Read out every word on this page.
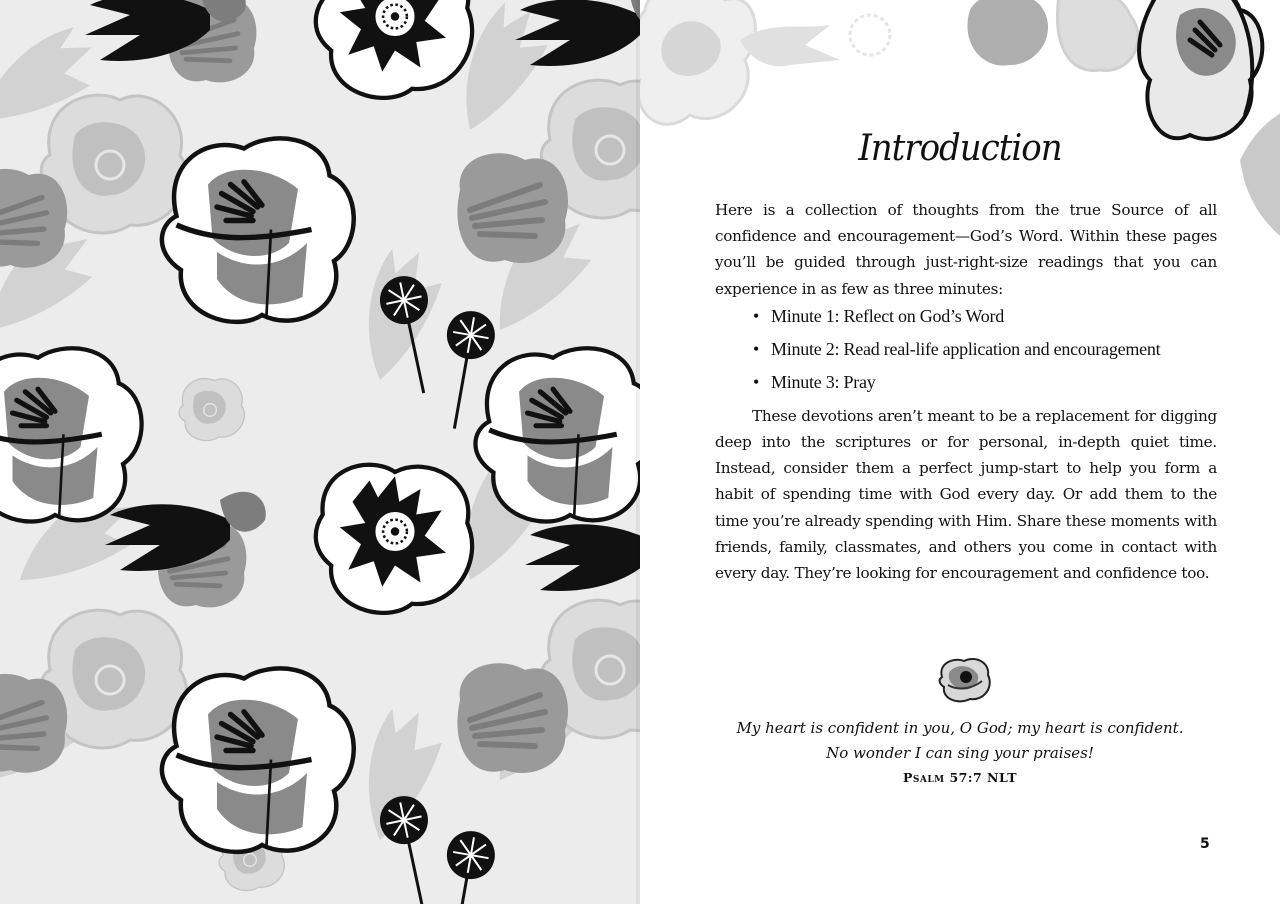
Introduction

Here is a collection of thoughts from the true Source of all confidence and encouragement—God’s Word. Within these pages you’ll be guided through just-right-size readings that you can experience in as few as three minutes:

• Minute 1: Reflect on God’s Word
• Minute 2: Read real-life application and encouragement
• Minute 3: Pray

These devotions aren’t meant to be a replacement for digging deep into the scriptures or for personal, in-depth quiet time. Instead, consider them a perfect jump-start to help you form a habit of spending time with God every day. Or add them to the time you’re already spending with Him. Share these moments with friends, family, classmates, and others you come in contact with every day. They’re looking for encouragement and confidence too.

My heart is confident in you, O God; my heart is confident. No wonder I can sing your praises!
Psalm 57:7 NLT
5
